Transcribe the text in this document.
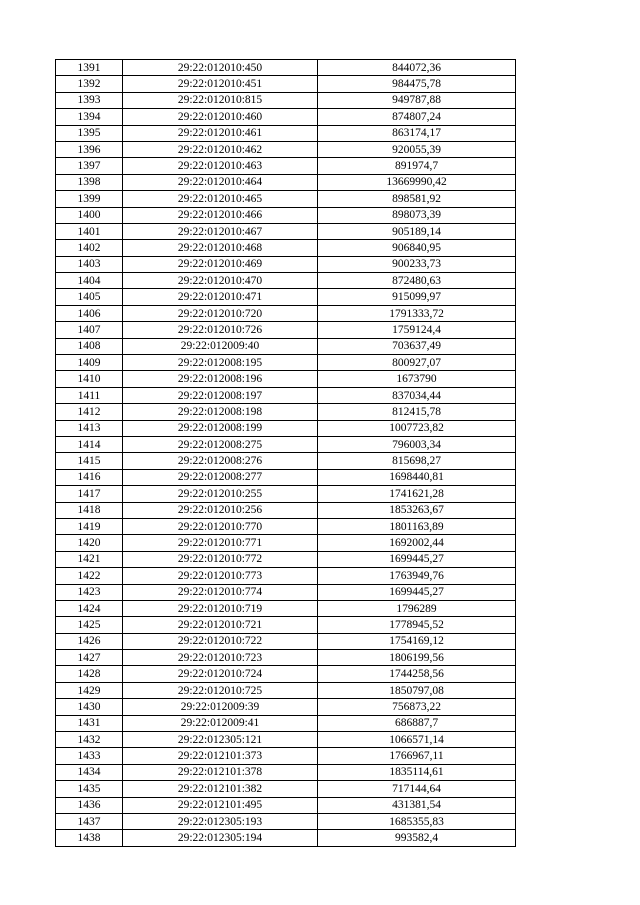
1391	29:22:012010:450	844072,36
1392	29:22:012010:451	984475,78
1393	29:22:012010:815	949787,88
1394	29:22:012010:460	874807,24
1395	29:22:012010:461	863174,17
1396	29:22:012010:462	920055,39
1397	29:22:012010:463	891974,7
1398	29:22:012010:464	13669990,42
1399	29:22:012010:465	898581,92
1400	29:22:012010:466	898073,39
1401	29:22:012010:467	905189,14
1402	29:22:012010:468	906840,95
1403	29:22:012010:469	900233,73
1404	29:22:012010:470	872480,63
1405	29:22:012010:471	915099,97
1406	29:22:012010:720	1791333,72
1407	29:22:012010:726	1759124,4
1408	29:22:012009:40	703637,49
1409	29:22:012008:195	800927,07
1410	29:22:012008:196	1673790
1411	29:22:012008:197	837034,44
1412	29:22:012008:198	812415,78
1413	29:22:012008:199	1007723,82
1414	29:22:012008:275	796003,34
1415	29:22:012008:276	815698,27
1416	29:22:012008:277	1698440,81
1417	29:22:012010:255	1741621,28
1418	29:22:012010:256	1853263,67
1419	29:22:012010:770	1801163,89
1420	29:22:012010:771	1692002,44
1421	29:22:012010:772	1699445,27
1422	29:22:012010:773	1763949,76
1423	29:22:012010:774	1699445,27
1424	29:22:012010:719	1796289
1425	29:22:012010:721	1778945,52
1426	29:22:012010:722	1754169,12
1427	29:22:012010:723	1806199,56
1428	29:22:012010:724	1744258,56
1429	29:22:012010:725	1850797,08
1430	29:22:012009:39	756873,22
1431	29:22:012009:41	686887,7
1432	29:22:012305:121	1066571,14
1433	29:22:012101:373	1766967,11
1434	29:22:012101:378	1835114,61
1435	29:22:012101:382	717144,64
1436	29:22:012101:495	431381,54
1437	29:22:012305:193	1685355,83
1438	29:22:012305:194	993582,4
